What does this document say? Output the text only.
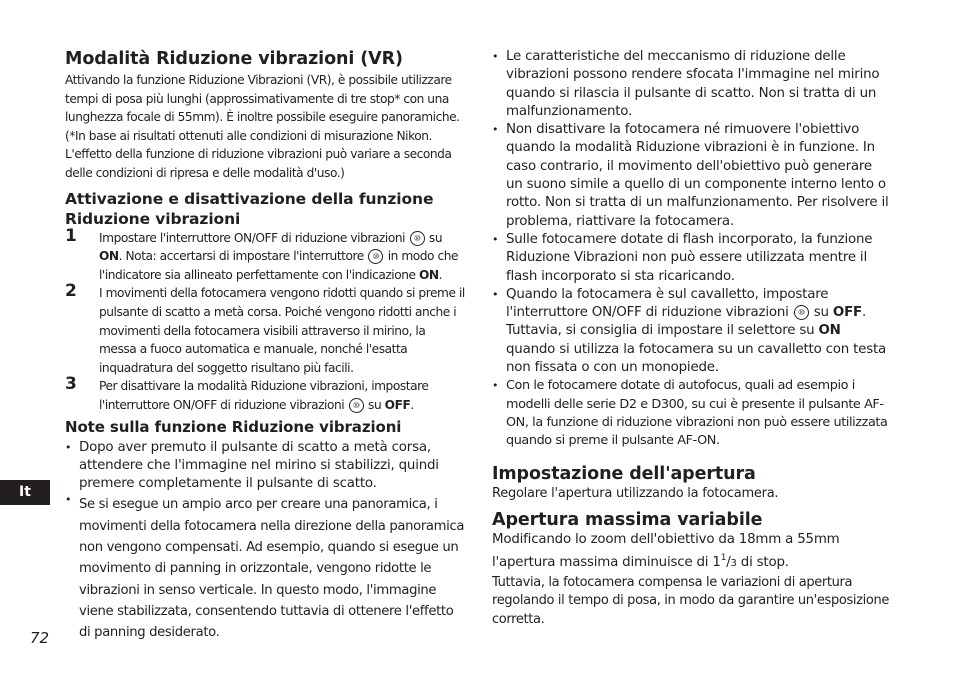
Modalità Riduzione vibrazioni (VR)

Attivando la funzione Riduzione Vibrazioni (VR), è possibile utilizzare tempi di posa più lunghi (approssimativamente di tre stop* con una lunghezza focale di 55mm). È inoltre possibile eseguire panoramiche. (*In base ai risultati ottenuti alle condizioni di misurazione Nikon. L'effetto della funzione di riduzione vibrazioni può variare a seconda delle condizioni di ripresa e delle modalità d'uso.)

Attivazione e disattivazione della funzione Riduzione vibrazioni
1 Impostare l'interruttore ON/OFF di riduzione vibrazioni ⑩ su ON. Nota: accertarsi di impostare l'interruttore ⑩ in modo che l'indicatore sia allineato perfettamente con l'indicazione ON.
2 I movimenti della fotocamera vengono ridotti quando si preme il pulsante di scatto a metà corsa. Poiché vengono ridotti anche i movimenti della fotocamera visibili attraverso il mirino, la messa a fuoco automatica e manuale, nonché l'esatta inquadratura del soggetto risultano più facili.
3 Per disattivare la modalità Riduzione vibrazioni, impostare l'interruttore ON/OFF di riduzione vibrazioni ⑩ su OFF.
Note sulla funzione Riduzione vibrazioni
• Dopo aver premuto il pulsante di scatto a metà corsa, attendere che l'immagine nel mirino si stabilizzi, quindi premere completamente il pulsante di scatto.
• Se si esegue un ampio arco per creare una panoramica, i movimenti della fotocamera nella direzione della panoramica non vengono compensati. Ad esempio, quando si esegue un movimento di panning in orizzontale, vengono ridotte le vibrazioni in senso verticale. In questo modo, l'immagine viene stabilizzata, consentendo tuttavia di ottenere l'effetto di panning desiderato.
• Le caratteristiche del meccanismo di riduzione delle vibrazioni possono rendere sfocata l'immagine nel mirino quando si rilascia il pulsante di scatto. Non si tratta di un malfunzionamento.
• Non disattivare la fotocamera né rimuovere l'obiettivo quando la modalità Riduzione vibrazioni è in funzione. In caso contrario, il movimento dell'obiettivo può generare un suono simile a quello di un componente interno lento o rotto. Non si tratta di un malfunzionamento. Per risolvere il problema, riattivare la fotocamera.
• Sulle fotocamere dotate di flash incorporato, la funzione Riduzione Vibrazioni non può essere utilizzata mentre il flash incorporato si sta ricaricando.
• Quando la fotocamera è sul cavalletto, impostare l'interruttore ON/OFF di riduzione vibrazioni ⑩ su OFF. Tuttavia, si consiglia di impostare il selettore su ON quando si utilizza la fotocamera su un cavalletto con testa non fissata o con un monopiede.
• Con le fotocamere dotate di autofocus, quali ad esempio i modelli delle serie D2 e D300, su cui è presente il pulsante AF-ON, la funzione di riduzione vibrazioni non può essere utilizzata quando si preme il pulsante AF-ON.
Impostazione dell'apertura

Regolare l'apertura utilizzando la fotocamera.

Apertura massima variabile

Modificando lo zoom dell'obiettivo da 18mm a 55mm l'apertura massima diminuisce di $1^1/3$ di stop.

Tuttavia, la fotocamera compensa le variazioni di apertura regolando il tempo di posa, in modo da garantire un'esposizione corretta.

It
72
